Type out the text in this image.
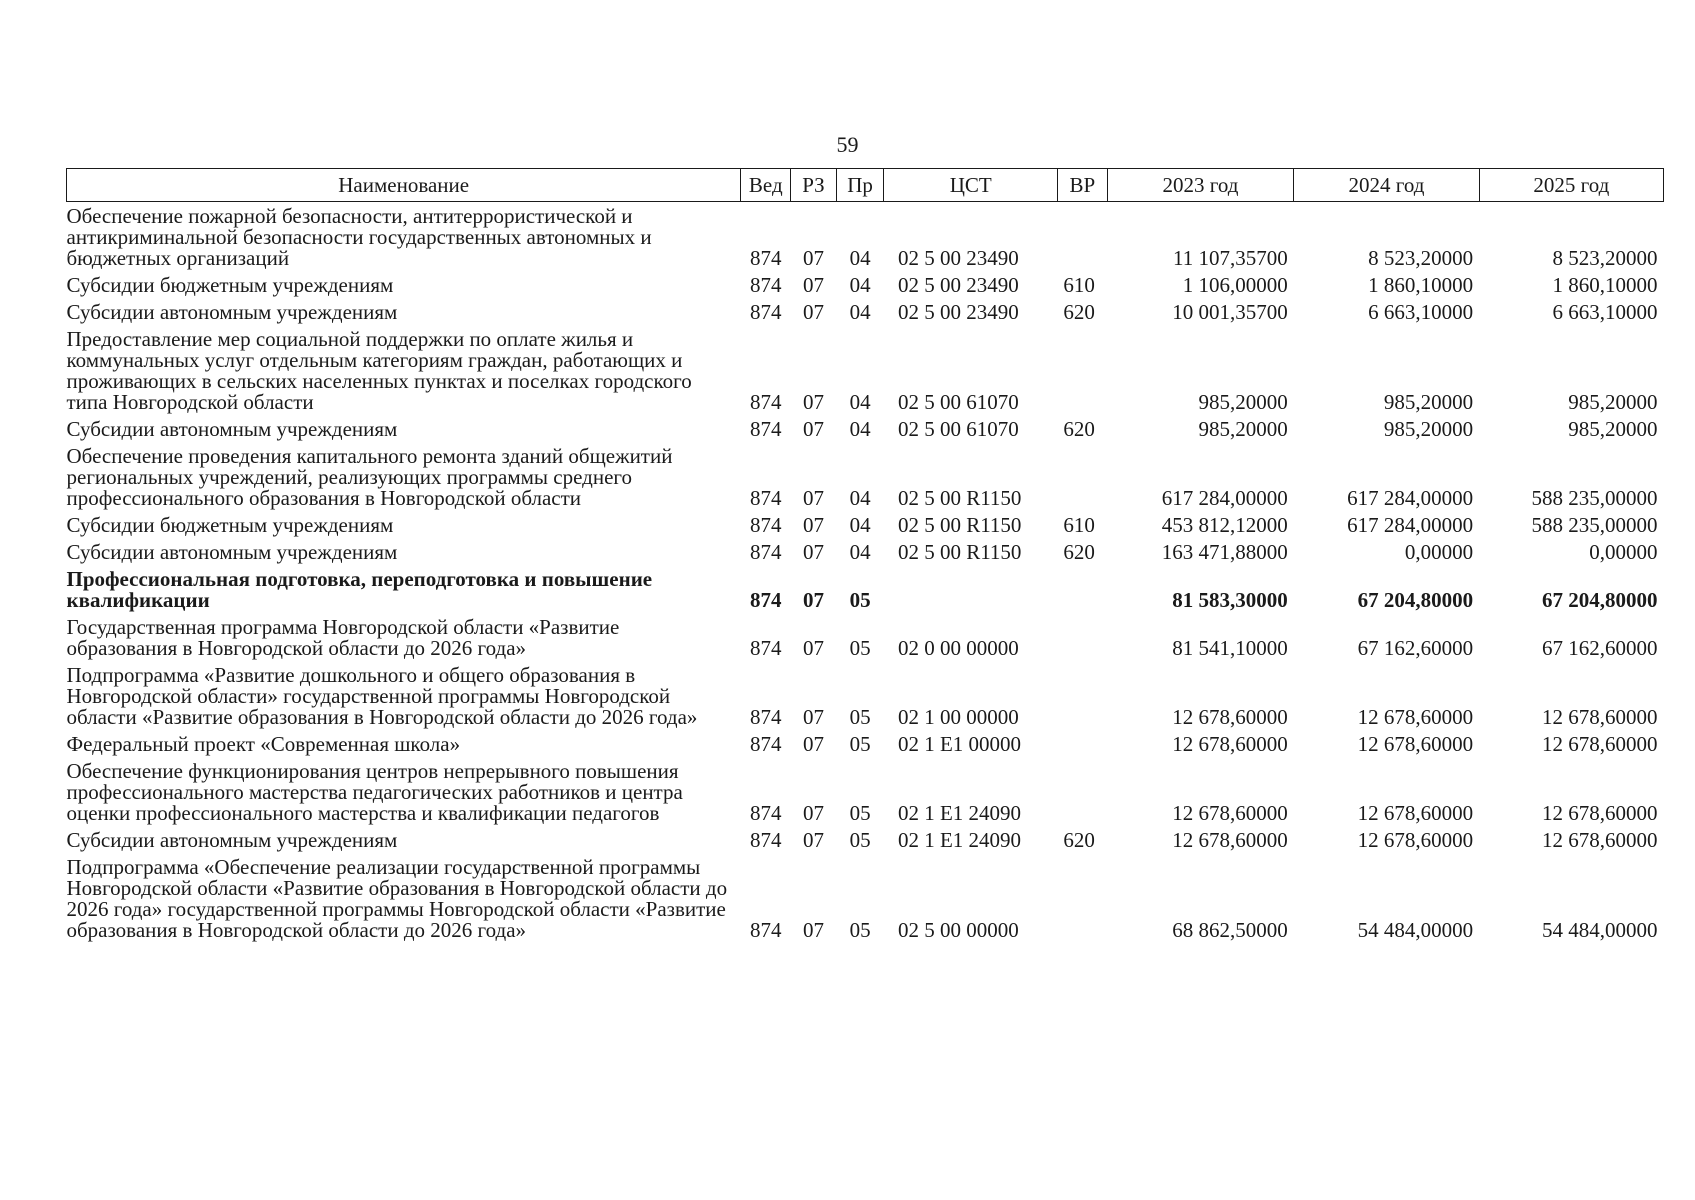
59
Наименование	Вед	РЗ	Пр	ЦСТ	ВР	2023 год	2024 год	2025 год
Обеспечение пожарной безопасности, антитеррористической и антикриминальной безопасности государственных автономных и бюджетных организаций	874	07	04	02 5 00 23490		11 107,35700	8 523,20000	8 523,20000
Субсидии бюджетным учреждениям	874	07	04	02 5 00 23490	610	1 106,00000	1 860,10000	1 860,10000
Субсидии автономным учреждениям	874	07	04	02 5 00 23490	620	10 001,35700	6 663,10000	6 663,10000
Предоставление мер социальной поддержки по оплате жилья и коммунальных услуг отдельным категориям граждан, работающих и проживающих в сельских населенных пунктах и поселках городского типа Новгородской области	874	07	04	02 5 00 61070		985,20000	985,20000	985,20000
Субсидии автономным учреждениям	874	07	04	02 5 00 61070	620	985,20000	985,20000	985,20000
Обеспечение проведения капитального ремонта зданий общежитий региональных учреждений, реализующих программы среднего профессионального образования в Новгородской области	874	07	04	02 5 00 R1150		617 284,00000	617 284,00000	588 235,00000
Субсидии бюджетным учреждениям	874	07	04	02 5 00 R1150	610	453 812,12000	617 284,00000	588 235,00000
Субсидии автономным учреждениям	874	07	04	02 5 00 R1150	620	163 471,88000	0,00000	0,00000
Профессиональная подготовка, переподготовка и повышение квалификации	874	07	05			81 583,30000	67 204,80000	67 204,80000
Государственная программа Новгородской области «Развитие образования в Новгородской области до 2026 года»	874	07	05	02 0 00 00000		81 541,10000	67 162,60000	67 162,60000
Подпрограмма «Развитие дошкольного и общего образования в Новгородской области» государственной программы Новгородской области «Развитие образования в Новгородской области до 2026 года»	874	07	05	02 1 00 00000		12 678,60000	12 678,60000	12 678,60000
Федеральный проект «Современная школа»	874	07	05	02 1 E1 00000		12 678,60000	12 678,60000	12 678,60000
Обеспечение функционирования центров непрерывного повышения профессионального мастерства педагогических работников и центра оценки профессионального мастерства и квалификации педагогов	874	07	05	02 1 E1 24090		12 678,60000	12 678,60000	12 678,60000
Субсидии автономным учреждениям	874	07	05	02 1 E1 24090	620	12 678,60000	12 678,60000	12 678,60000
Подпрограмма «Обеспечение реализации государственной программы Новгородской области «Развитие образования в Новгородской области до 2026 года» государственной программы Новгородской области «Развитие образования в Новгородской области до 2026 года»	874	07	05	02 5 00 00000		68 862,50000	54 484,00000	54 484,00000
